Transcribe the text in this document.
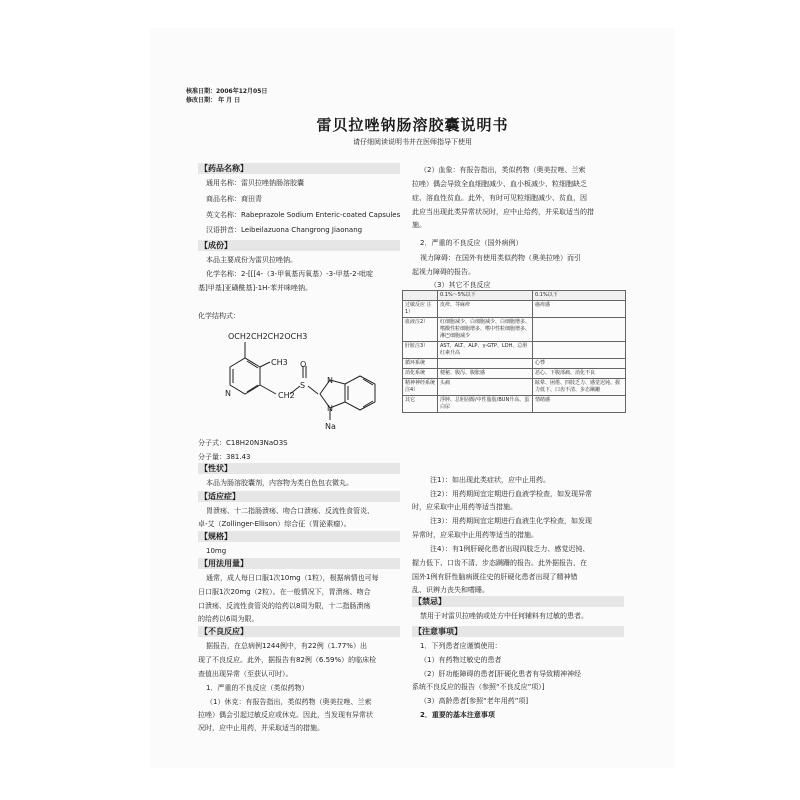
核准日期：2006年12月05日
修改日期： 年 月 日
雷贝拉唑钠肠溶胶囊说明书
请仔细阅读说明书并在医师指导下使用
【药品名称】
通用名称：雷贝拉唑钠肠溶胶囊
商品名称：商田青
英文名称：Rabeprazole Sodium Enteric-coated Capsules
汉语拼音：Leibeilazuona Changrong Jiaonang
【成份】
本品主要成份为雷贝拉唑钠。
化学名称：2-[[[4-（3-甲氧基丙氧基）-3-甲基-2-吡啶
基]甲基]亚磺酰基]-1H-苯并咪唑钠。
化学结构式：
OCH2CH2CH2OCH3
CH3
N	CH2
S
O
N
N
Na
分子式：C18H20N3NaO3S
分子量：381.43
【性状】
本品为肠溶胶囊剂，内容物为类白色包衣微丸。
【适应症】
胃溃疡、十二指肠溃疡、吻合口溃疡、反流性食管炎、
卓-艾（Zollinger-Ellison）综合征（胃泌素瘤）。
【规格】
10mg
【用法用量】
通常，成人每日口服1次10mg（1粒），根据病情也可每
日口服1次20mg（2粒）。在一般情况下，胃溃疡、吻合
口溃疡、反流性食管炎的给药以8周为限，十二指肠溃疡
的给药以6周为限。
【不良反应】
据报告，在总病例1244例中，有22例（1.77%）出
现了不良反应。此外，据报告有82例（6.59%）的临床检
查值出现异常（至获认可时）。
1．严重的不良反应（类似药物）
（1）休克：有报告指出，类似药物（奥美拉唑、兰索
拉唑）偶会引起过敏反应或休克。因此，当发现有异常状
况时，应中止用药，并采取适当的措施。
（2）血象：有报告指出，类似药物（奥美拉唑、兰索
拉唑）偶会导致全血细胞减少、血小板减少、粒细胞缺乏
症、溶血性贫血。此外，有时可见粒细胞减少、贫血，因
此应当出现此类异常状况时，应中止给药，并采取适当的措
施。
2．严重的不良反应（国外病例）
视力障碍：在国外有使用类似药物（奥美拉唑）而引
起视力障碍的报告。
（3）其它不良反应
	0.1%～5%以下	0.1%以下
过敏反应 注1）	皮疹、荨麻疹	瘙痒感
血液注2）	红细胞减少、白细胞减少、白细胞增多、嗜酸性粒细胞增多、嗜中性粒细胞增多、淋巴细胞减少	
肝脏注3）	AST、ALT、ALP、γ-GTP、LDH、总胆红素升高	
循环系统		心悸
消化系统	便秘、腹泻、腹胀感	恶心、下腹部痛、消化不良
精神神经系统 注4）	头痛	眩晕、困倦、四肢乏力、感觉迟钝、握力低下、口齿不清、步态蹒跚
其它	浮肿、总胆固醇/中性脂肪/BUN升高、蛋白尿	情绪感
注1）：如出现此类症状，应中止用药。
注2）：用药期间宜定期进行血液学检查，如发现异常
时，应采取中止用药等适当措施。
注3）：用药期间宜定期进行血液生化学检查，如发现
异常时，应采取中止用药等适当的措施。
注4）：有1例肝硬化患者出现四肢乏力、感觉迟钝、
握力低下、口齿不清、步态蹒跚的报告。此外据报告，在
国外1例有肝性脑病既往史的肝硬化患者出现了精神错
乱、识辨力丧失和嗜睡。
【禁忌】
禁用于对雷贝拉唑钠或处方中任何辅料有过敏的患者。
【注意事项】
1．下列患者应谨慎使用：
（1）有药物过敏史的患者
（2）肝功能障碍的患者[肝硬化患者有导致精神神经
系统不良反应的报告（参照“不良反应”项）]
（3）高龄患者[参照“老年用药”项]
2．重要的基本注意事项
